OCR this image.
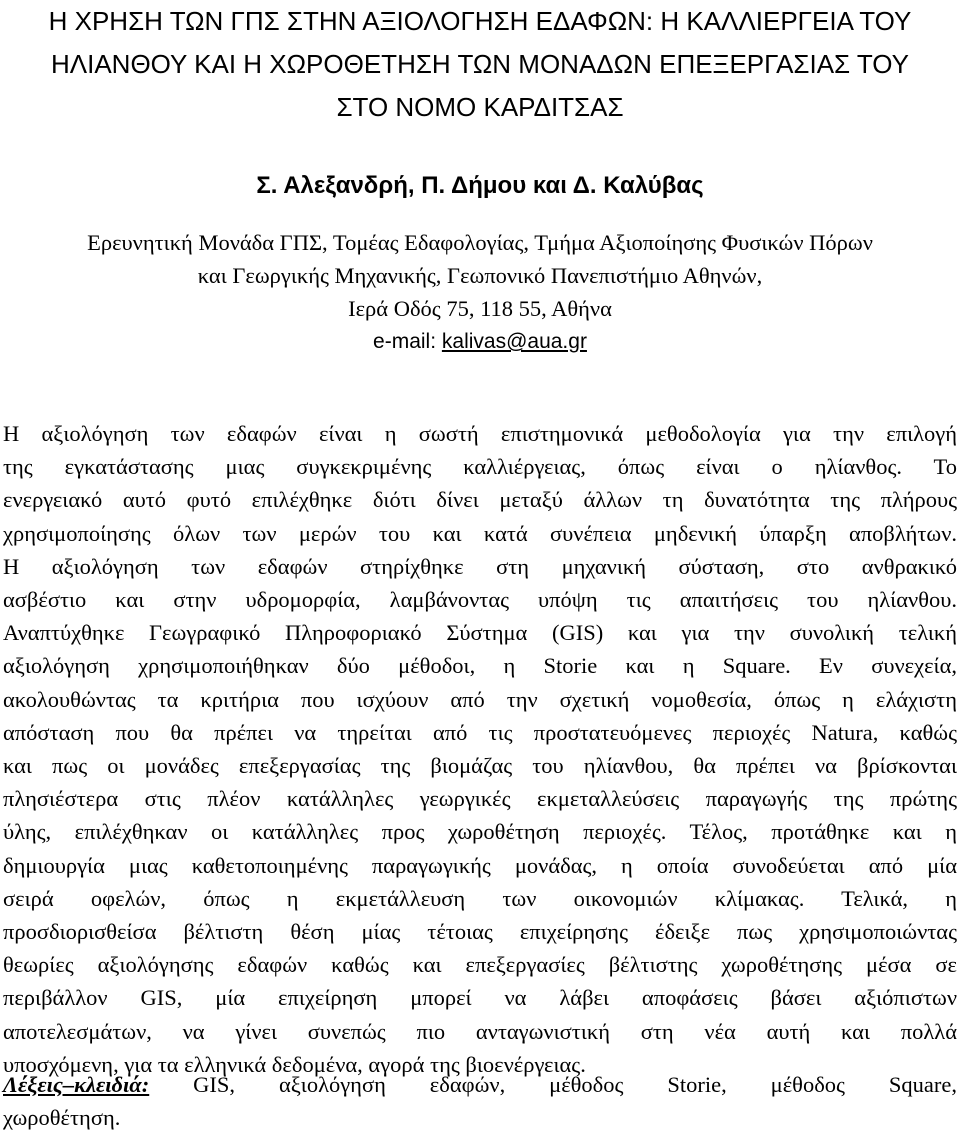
Η ΧΡΗΣΗ ΤΩΝ ΓΠΣ ΣΤΗΝ ΑΞΙΟΛΟΓΗΣΗ ΕΔΑΦΩΝ: Η ΚΑΛΛΙΕΡΓΕΙΑ ΤΟΥ
ΗΛΙΑΝΘΟΥ ΚΑΙ Η ΧΩΡΟΘΕΤΗΣΗ ΤΩΝ ΜΟΝΑΔΩΝ ΕΠΕΞΕΡΓΑΣΙΑΣ ΤΟΥ
ΣΤΟ ΝΟΜΟ ΚΑΡΔΙΤΣΑΣ
Σ. Αλεξανδρή, Π. Δήμου και Δ. Καλύβας
Ερευνητική Μονάδα ΓΠΣ, Τομέας Εδαφολογίας, Τμήμα Αξιοποίησης Φυσικών Πόρων
και Γεωργικής Μηχανικής, Γεωπονικό Πανεπιστήμιο Αθηνών,
Ιερά Οδός 75, 118 55, Αθήνα
e-mail: kalivas@aua.gr
Η αξιολόγηση των εδαφών είναι η σωστή επιστημονικά μεθοδολογία για την επιλογή
της εγκατάστασης μιας συγκεκριμένης καλλιέργειας, όπως είναι ο ηλίανθος. Το
ενεργειακό αυτό φυτό επιλέχθηκε διότι δίνει μεταξύ άλλων τη δυνατότητα της πλήρους
χρησιμοποίησης όλων των μερών του και κατά συνέπεια μηδενική ύπαρξη αποβλήτων.
Η αξιολόγηση των εδαφών στηρίχθηκε στη μηχανική σύσταση, στο ανθρακικό
ασβέστιο και στην υδρομορφία, λαμβάνοντας υπόψη τις απαιτήσεις του ηλίανθου.
Αναπτύχθηκε Γεωγραφικό Πληροφοριακό Σύστημα (GIS) και για την συνολική τελική
αξιολόγηση χρησιμοποιήθηκαν δύο μέθοδοι, η Storie και η Square. Εν συνεχεία,
ακολουθώντας τα κριτήρια που ισχύουν από την σχετική νομοθεσία, όπως η ελάχιστη
απόσταση που θα πρέπει να τηρείται από τις προστατευόμενες περιοχές Natura, καθώς
και πως οι μονάδες επεξεργασίας της βιομάζας του ηλίανθου, θα πρέπει να βρίσκονται
πλησιέστερα στις πλέον κατάλληλες γεωργικές εκμεταλλεύσεις παραγωγής της πρώτης
ύλης, επιλέχθηκαν οι κατάλληλες προς χωροθέτηση περιοχές. Τέλος, προτάθηκε και η
δημιουργία μιας καθετοποιημένης παραγωγικής μονάδας, η οποία συνοδεύεται από μία
σειρά οφελών, όπως η εκμετάλλευση των οικονομιών κλίμακας. Τελικά, η
προσδιορισθείσα βέλτιστη θέση μίας τέτοιας επιχείρησης έδειξε πως χρησιμοποιώντας
θεωρίες αξιολόγησης εδαφών καθώς και επεξεργασίες βέλτιστης χωροθέτησης μέσα σε
περιβάλλον GIS, μία επιχείρηση μπορεί να λάβει αποφάσεις βάσει αξιόπιστων
αποτελεσμάτων, να γίνει συνεπώς πιο ανταγωνιστική στη νέα αυτή και πολλά
υποσχόμενη, για τα ελληνικά δεδομένα, αγορά της βιοενέργειας.
Λέξεις–κλειδιά: GIS, αξιολόγηση εδαφών, μέθοδος Storie, μέθοδος Square,
χωροθέτηση.
